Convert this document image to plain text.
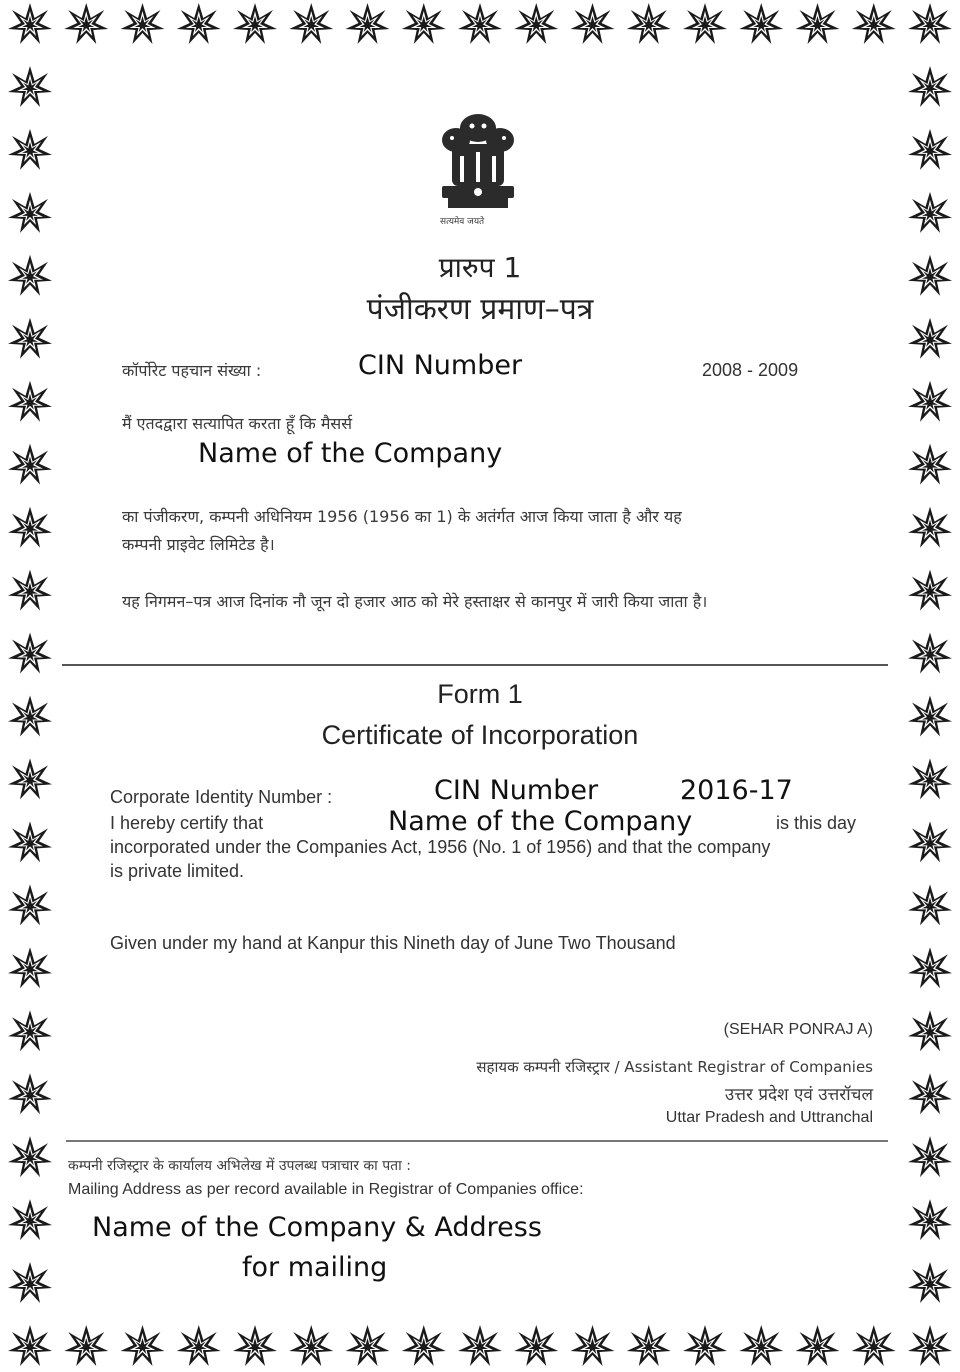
सत्यमेव जयते
प्रारुप 1
पंजीकरण प्रमाण–पत्र
कॉर्पोरेट पहचान संख्या :	CIN Number	2008 - 2009
मैं एतदद्वारा सत्यापित करता हूँ कि मैसर्स
Name of the Company
का पंजीकरण, कम्पनी अधिनियम 1956 (1956 का 1) के अतंर्गत आज किया जाता है और यह
कम्पनी प्राइवेट लिमिटेड है।
यह निगमन–पत्र आज दिनांक नौ जून दो हजार आठ को मेरे हस्ताक्षर से कानपुर में जारी किया जाता है।
Form 1
Certificate of Incorporation
Corporate Identity Number :	CIN Number	2016-17
I hereby certify that	Name of the Company	is this day
incorporated under the Companies Act, 1956 (No. 1 of 1956) and that the company
is private limited.
Given under my hand at Kanpur this Nineth day of June Two Thousand
(SEHAR PONRAJ A)
सहायक कम्पनी रजिस्ट्रार / Assistant Registrar of Companies
उत्तर प्रदेश एवं उत्तरॉचल
Uttar Pradesh and Uttranchal
कम्पनी रजिस्ट्रार के कार्यालय अभिलेख में उपलब्ध पत्राचार का पता :
Mailing Address as per record available in Registrar of Companies office:
Name of the Company & Address
for mailing
